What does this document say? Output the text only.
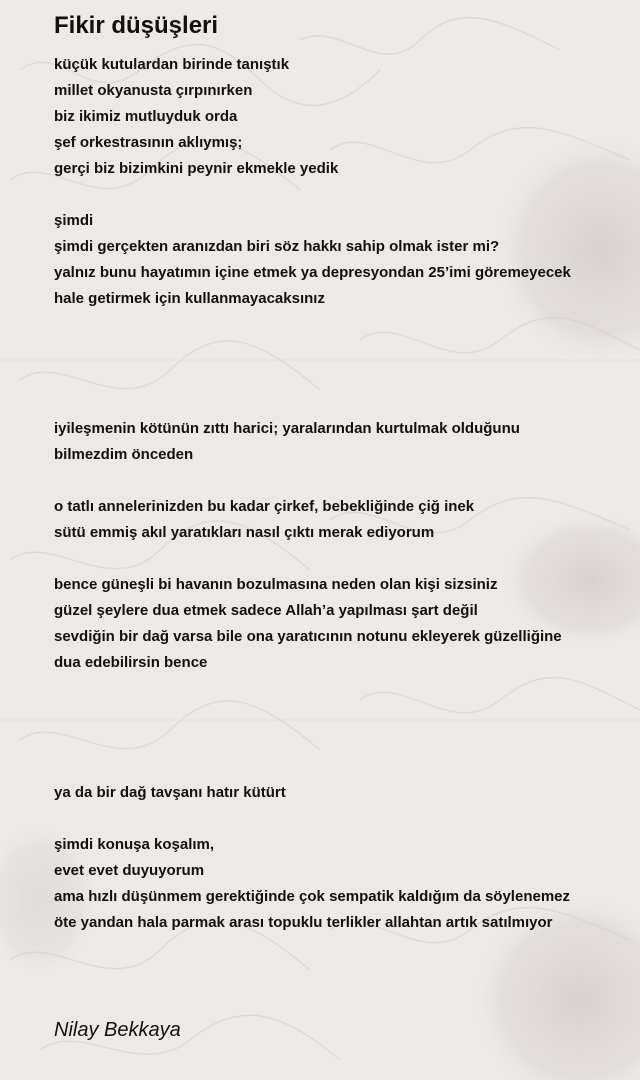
Fikir düşüşleri
küçük kutulardan birinde tanıştık
millet okyanusta çırpınırken
biz ikimiz mutluyduk orda
şef orkestrasının aklıymış;
gerçi biz bizimkini peynir ekmekle yedik
şimdi
şimdi gerçekten aranızdan biri söz hakkı sahip olmak ister mi?
yalnız bunu hayatımın içine etmek ya depresyondan 25’imi göremeyecek
hale getirmek için kullanmayacaksınız
iyileşmenin kötünün zıttı harici; yaralarından kurtulmak olduğunu
bilmezdim önceden
o tatlı annelerinizden bu kadar çirkef, bebekliğinde çiğ inek
sütü emmiş akıl yaratıkları nasıl çıktı merak ediyorum
bence güneşli bi havanın bozulmasına neden olan kişi sizsiniz
güzel şeylere dua etmek sadece Allah’a yapılması şart değil
sevdiğin bir dağ varsa bile ona yaratıcının notunu ekleyerek güzelliğine
dua edebilirsin bence
ya da bir dağ tavşanı hatır kütürt
şimdi konuşa koşalım,
evet evet duyuyorum
ama hızlı düşünmem gerektiğinde çok sempatik kaldığım da söylenemez
öte yandan hala parmak arası topuklu terlikler allahtan artık satılmıyor
Nilay Bekkaya
